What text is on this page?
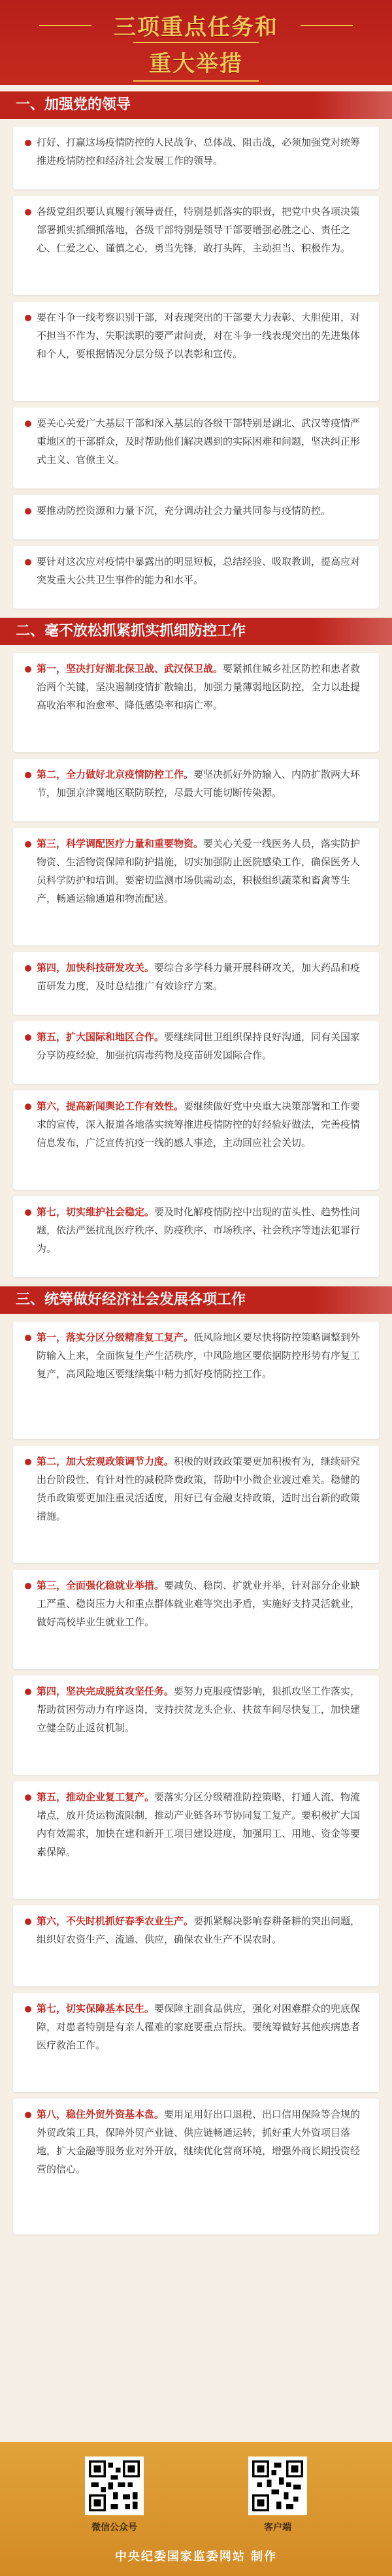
三项重点任务和
重大举措
一、加强党的领导
打好、打赢这场疫情防控的人民战争、总体战、阻击战，必须加强党对统筹推进疫情防控和经济社会发展工作的领导。
各级党组织要认真履行领导责任，特别是抓落实的职责，把党中央各项决策部署抓实抓细抓落地，各级干部特别是领导干部要增强必胜之心、责任之心、仁爱之心、谨慎之心，勇当先锋，敢打头阵，主动担当、积极作为。
要在斗争一线考察识别干部，对表现突出的干部要大力表彰、大胆使用，对不担当不作为、失职渎职的要严肃问责，对在斗争一线表现突出的先进集体和个人，要根据情况分层分级予以表彰和宣传。
要关心关爱广大基层干部和深入基层的各级干部特别是湖北、武汉等疫情严重地区的干部群众，及时帮助他们解决遇到的实际困难和问题，坚决纠正形式主义、官僚主义。
要推动防控资源和力量下沉，充分调动社会力量共同参与疫情防控。
要针对这次应对疫情中暴露出的明显短板，总结经验、吸取教训，提高应对突发重大公共卫生事件的能力和水平。
二、毫不放松抓紧抓实抓细防控工作
第一，坚决打好湖北保卫战、武汉保卫战。要紧抓住城乡社区防控和患者救治两个关键，坚决遏制疫情扩散输出，加强力量薄弱地区防控，全力以赴提高收治率和治愈率、降低感染率和病亡率。
第二，全力做好北京疫情防控工作。要坚决抓好外防输入、内防扩散两大环节，加强京津冀地区联防联控，尽最大可能切断传染源。
第三，科学调配医疗力量和重要物资。要关心关爱一线医务人员，落实防护物资、生活物资保障和防护措施，切实加强防止医院感染工作，确保医务人员科学防护和培训。要密切监测市场供需动态，积极组织蔬菜和畜禽等生产，畅通运输通道和物流配送。
第四，加快科技研发攻关。要综合多学科力量开展科研攻关，加大药品和疫苗研发力度，及时总结推广有效诊疗方案。
第五，扩大国际和地区合作。要继续同世卫组织保持良好沟通，同有关国家分享防疫经验，加强抗病毒药物及疫苗研发国际合作。
第六，提高新闻舆论工作有效性。要继续做好党中央重大决策部署和工作要求的宣传，深入报道各地落实统筹推进疫情防控的好经验好做法，完善疫情信息发布，广泛宣传抗疫一线的感人事迹，主动回应社会关切。
第七，切实维护社会稳定。要及时化解疫情防控中出现的苗头性、趋势性问题，依法严惩扰乱医疗秩序、防疫秩序、市场秩序、社会秩序等违法犯罪行为。
三、统筹做好经济社会发展各项工作
第一，落实分区分级精准复工复产。低风险地区要尽快将防控策略调整到外防输入上来，全面恢复生产生活秩序，中风险地区要依据防控形势有序复工复产，高风险地区要继续集中精力抓好疫情防控工作。
第二，加大宏观政策调节力度。积极的财政政策要更加积极有为，继续研究出台阶段性、有针对性的减税降费政策，帮助中小微企业渡过难关。稳健的货币政策要更加注重灵活适度，用好已有金融支持政策，适时出台新的政策措施。
第三，全面强化稳就业举措。要减负、稳岗、扩就业并举，针对部分企业缺工严重、稳岗压力大和重点群体就业难等突出矛盾，实施好支持灵活就业，做好高校毕业生就业工作。
第四，坚决完成脱贫攻坚任务。要努力克服疫情影响，狠抓攻坚工作落实，帮助贫困劳动力有序返岗，支持扶贫龙头企业、扶贫车间尽快复工，加快建立健全防止返贫机制。
第五，推动企业复工复产。要落实分区分级精准防控策略，打通人流、物流堵点，放开货运物流限制，推动产业链各环节协同复工复产。要积极扩大国内有效需求，加快在建和新开工项目建设进度，加强用工、用地、资金等要素保障。
第六，不失时机抓好春季农业生产。要抓紧解决影响春耕备耕的突出问题，组织好农资生产、流通、供应，确保农业生产不误农时。
第七，切实保障基本民生。要保障主副食品供应，强化对困难群众的兜底保障，对患者特别是有亲人罹难的家庭要重点帮扶。要统筹做好其他疾病患者医疗救治工作。
第八，稳住外贸外资基本盘。要用足用好出口退税、出口信用保险等合规的外贸政策工具，保障外贸产业链、供应链畅通运转，抓好重大外资项目落地，扩大金融等服务业对外开放，继续优化营商环境，增强外商长期投资经营的信心。
微信公众号	客户端
中央纪委国家监委网站 制作
